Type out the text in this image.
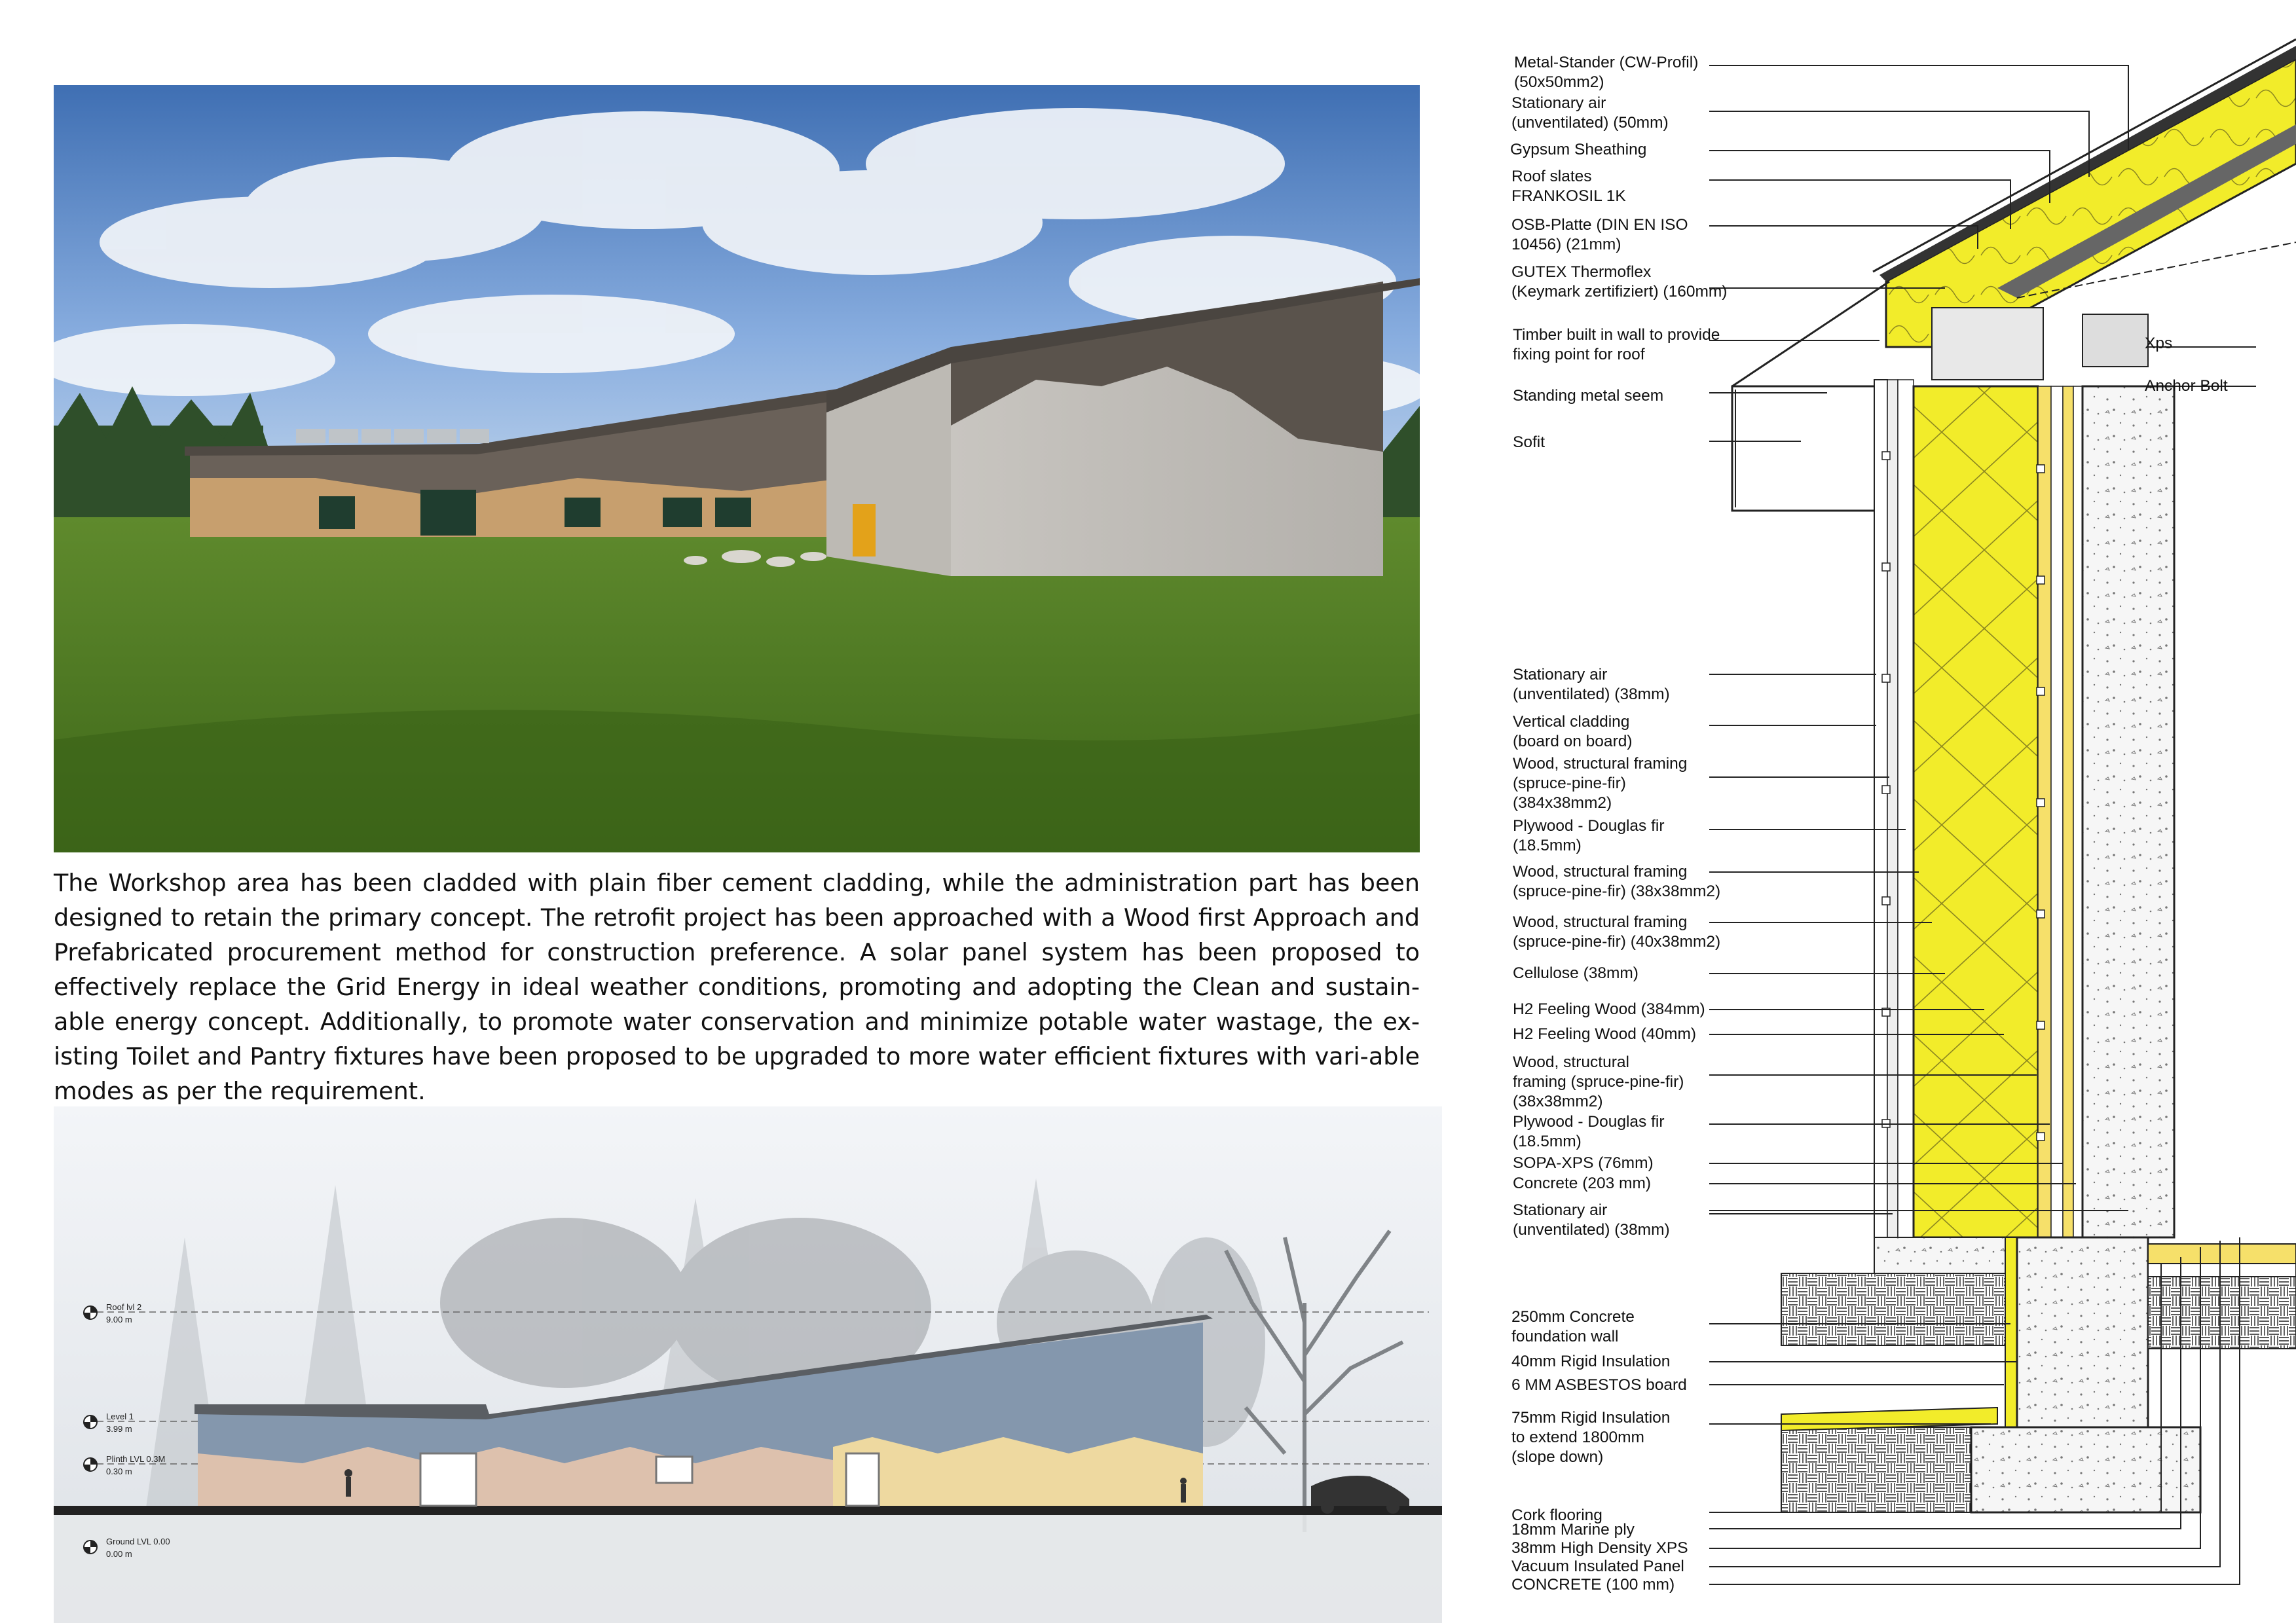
The Workshop area has been cladded with plain fiber cement cladding, while the administration part has been designed to retain the primary concept. The retrofit project has been approached with a Wood first Approach and Prefabricated procurement method for construction preference. A solar panel system has been proposed to effectively replace the Grid Energy in ideal weather conditions, promoting and adopting the Clean and sustain-able energy concept. Additionally, to promote water conservation and minimize potable water wastage, the ex-isting Toilet and Pantry fixtures have been proposed to be upgraded to more water efficient fixtures with vari-able modes as per the requirement.

Roof lvl 2
9.00 m
Level 1
3.99 m
Plinth LVL 0.3M
0.30 m
Ground LVL 0.00
0.00 m
Metal-Stander (CW-Profil)
(50x50mm2)
Stationary air
(unventilated) (50mm)
Gypsum Sheathing
Roof slates
FRANKOSIL 1K
OSB-Platte (DIN EN ISO
10456) (21mm)
GUTEX Thermoflex
(Keymark zertifiziert) (160mm)
Timber built in wall to provide
fixing point for roof
Standing metal seem
Sofit
Stationary air
(unventilated) (38mm)
Vertical cladding
(board on board)
Wood, structural framing
(spruce-pine-fir)
(384x38mm2)
Plywood - Douglas fir
(18.5mm)
Wood, structural framing
(spruce-pine-fir) (38x38mm2)
Wood, structural framing
(spruce-pine-fir) (40x38mm2)
Cellulose (38mm)
H2 Feeling Wood (384mm)
H2 Feeling Wood (40mm)
Wood, structural
framing (spruce-pine-fir)
(38x38mm2)
Plywood - Douglas fir
(18.5mm)
SOPA-XPS (76mm)
Concrete (203 mm)
Stationary air
(unventilated) (38mm)
250mm Concrete
foundation wall
40mm Rigid Insulation
6 MM ASBESTOS board
75mm Rigid Insulation
to extend 1800mm
(slope down)
Cork flooring
18mm Marine ply
38mm High Density XPS
Vacuum Insulated Panel
CONCRETE (100 mm)
Xps
Anchor Bolt
